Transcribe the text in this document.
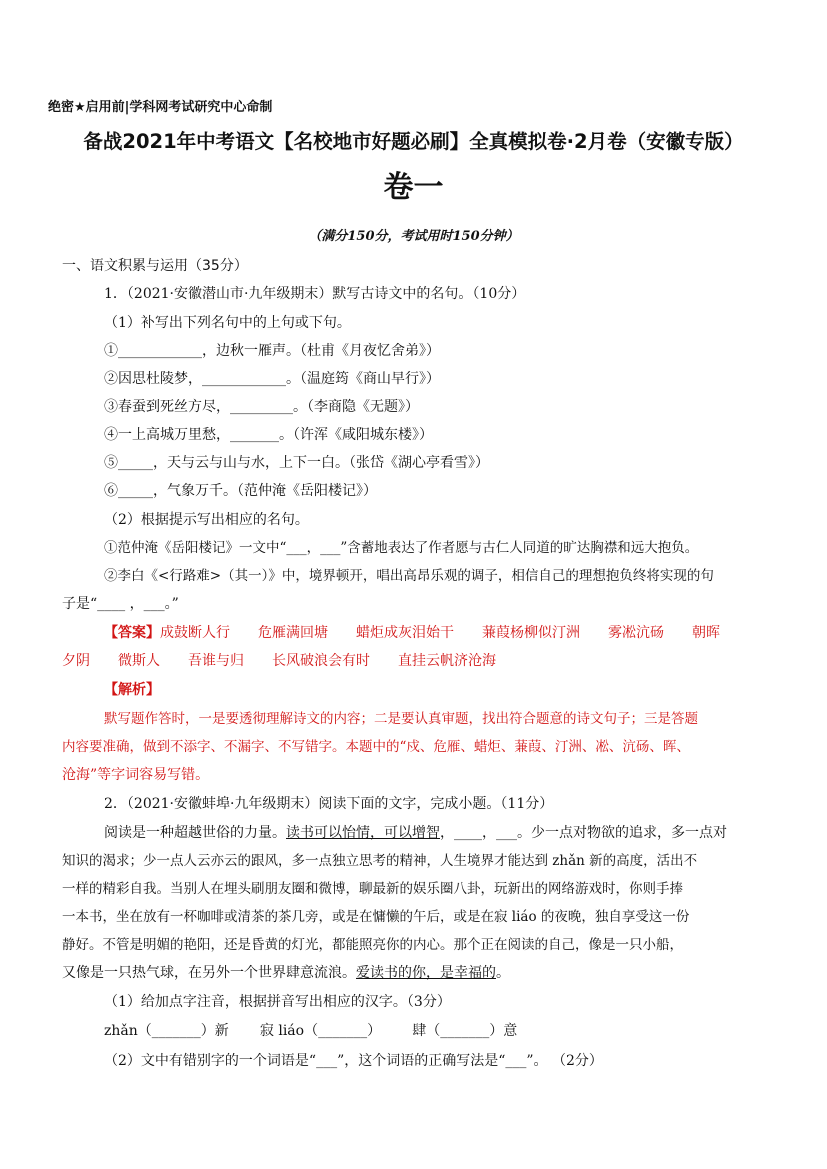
绝密★启用前|学科网考试研究中心命制
备战2021年中考语文【名校地市好题必刷】全真模拟卷·2月卷（安徽专版）
卷一
（满分150分，考试用时150分钟）
一、语文积累与运用（35分）
1．（2021·安徽潜山市·九年级期末）默写古诗文中的名句。（10分）
（1）补写出下列名句中的上句或下句。
①____________，边秋一雁声。（杜甫《月夜忆舍弟》）
②因思杜陵梦，____________。（温庭筠《商山早行》）
③春蚕到死丝方尽，_________。（李商隐《无题》）
④一上高城万里愁，_______。（许浑《咸阳城东楼》）
⑤_____，天与云与山与水，上下一白。（张岱《湖心亭看雪》）
⑥_____，气象万千。（范仲淹《岳阳楼记》）
（2）根据提示写出相应的名句。
①范仲淹《岳阳楼记》一文中“___，___”含蓄地表达了作者愿与古仁人同道的旷达胸襟和远大抱负。
②李白《<行路难>（其一）》中，境界顿开，唱出高昂乐观的调子，相信自己的理想抱负终将实现的句
子是“____ ，___。”
【答案】成鼓断人行 危雁满回塘 蜡炬成灰泪始干 蒹葭杨柳似汀洲 雾凇沆砀 朝晖
夕阴 微斯人 吾谁与归 长风破浪会有时 直挂云帆济沧海
【解析】
默写题作答时，一是要透彻理解诗文的内容；二是要认真审题，找出符合题意的诗文句子；三是答题
内容要准确，做到不添字、不漏字、不写错字。本题中的“戍、危雁、蜡炬、蒹葭、汀洲、凇、沆砀、晖、
沧海”等字词容易写错。
2．（2021·安徽蚌埠·九年级期末）阅读下面的文字，完成小题。（11分）
阅读是一种超越世俗的力量。读书可以怡情，可以增智，____，___。少一点对物欲的追求，多一点对
知识的渴求；少一点人云亦云的跟风，多一点独立思考的精神，人生境界才能达到 zhǎn 新的高度，活出不
一样的精彩自我。当别人在埋头刷朋友圈和微博，聊最新的娱乐圈八卦，玩新出的网络游戏时，你则手捧
一本书，坐在放有一杯咖啡或清茶的茶几旁，或是在慵懒的午后，或是在寂 liáo 的夜晚，独自享受这一份
静好。不管是明媚的艳阳，还是昏黄的灯光，都能照亮你的内心。那个正在阅读的自己，像是一只小船，
又像是一只热气球，在另外一个世界肆意流浪。爱读书的你，是幸福的。
（1）给加点字注音，根据拼音写出相应的汉字。（3分）
zhǎn（_______）新       寂 liáo（_______）       肆（_______）意
（2）文中有错别字的一个词语是“___”，这个词语的正确写法是“___”。 （2分）
